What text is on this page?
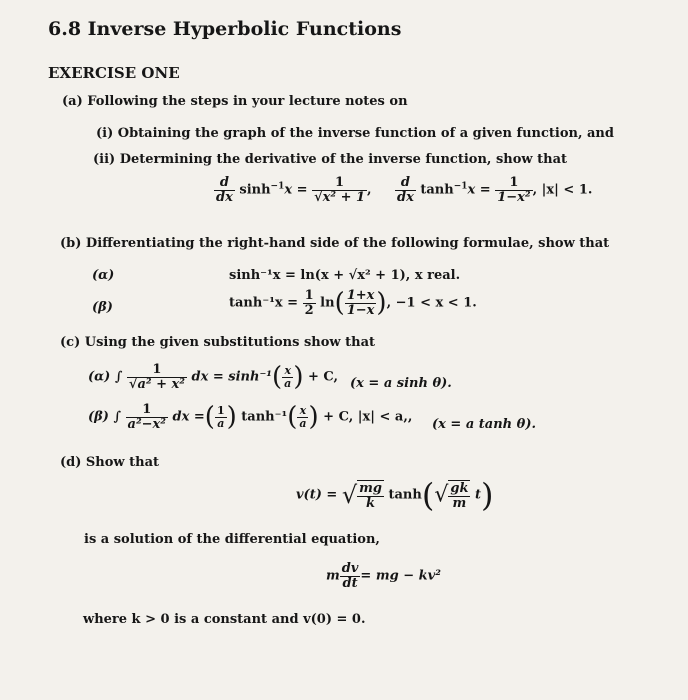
6.8 Inverse Hyperbolic Functions
EXERCISE ONE
(a) Following the steps in your lecture notes on
(i) Obtaining the graph of the inverse function of a given function, and
(ii) Determining the derivative of the inverse function, show that
$\frac{d}{dx} \sinh^{-1}x = \frac{1}{\text{√x² + 1}}$ , $\frac{d}{dx} \tanh^{-1}x = \frac{1}{\text{1−x²}}$ , |x| < 1.
(b) Differentiating the right-hand side of the following formulae, show that
(α)	sinh⁻¹x = ln(x + √x² + 1), x real.
(β)	$\tanh^{-1}x = \frac{1}{2} \ln( \frac{1+x}{1-x}$ ), −1 < x < 1.
(c) Using the given substitutions show that
(α) ∫ $\frac{1}{\text{√a² + x²}}$ dx = $\sinh^{-1}( \frac{x}{a}$ ) + C, (x = a sinh θ).
(β) ∫ $\frac{1}{\text{a²−x²}}$ dx =( $\frac{1}{a}$ ) $\tanh^{-1}( \frac{x}{a}$ ) + C, |x| < a,, (x = a tanh θ).
(d) Show that
v(t) = √ $\frac{mg}{k} \tanh(√ \frac{gk}{m} t)$
is a solution of the differential equation,
m $\frac{dv}{dt}$ = mg − kv²
where k > 0 is a constant and v(0) = 0.
